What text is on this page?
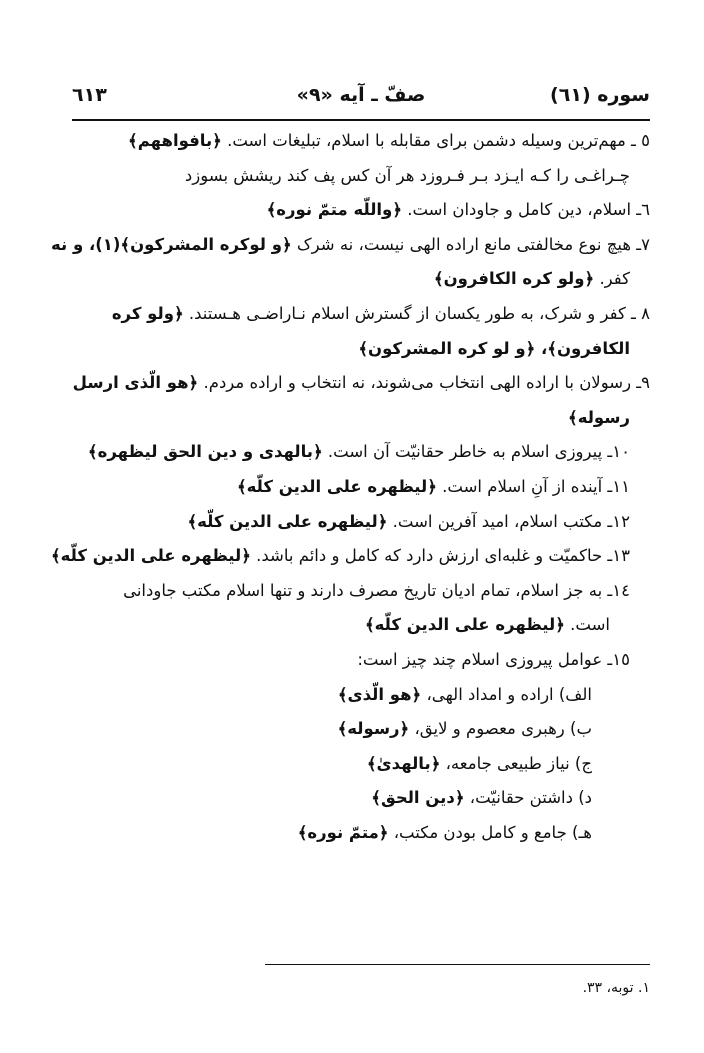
سوره (٦١)
صفّ ـ آيه «٩»
٦١٣
٥ ـ مهم‌ترین وسیله دشمن برای مقابله با اسلام، تبلیغات است. ﴿بافواههم﴾
چـراغـی را کـه ایـزد بـر فـروزد هر آن کس پف کند ریشش بسوزد
٦ـ اسلام، دین کامل و جاودان است. ﴿واللّه متمّ نوره﴾
٧ـ هیچ نوع مخالفتی مانع اراده الهی نیست، نه شرک ﴿و لوکره المشرکون﴾(١)، و نه
کفر. ﴿ولو کره الکافرون﴾
٨ ـ کفر و شرک، به طور یکسان از گسترش اسلام نـاراضـی هـستند. ﴿ولو کره
الکافرون﴾، ﴿و لو کره المشرکون﴾
٩ـ رسولان با اراده الهی انتخاب می‌شوند، نه انتخاب و اراده مردم. ﴿هو الّذی ارسل
رسوله﴾
١٠ـ پیروزی اسلام به خاطر حقانیّت آن است. ﴿بالهدی و دین الحق لیظهره﴾
١١ـ آینده از آنِ اسلام است. ﴿لیظهره علی الدین کلّه﴾
١٢ـ مکتب اسلام، امید آفرین است. ﴿لیظهره علی الدین کلّه﴾
١٣ـ حاکمیّت و غلبه‌ای ارزش دارد که کامل و دائم باشد. ﴿لیظهره علی الدین کلّه﴾
١٤ـ به جز اسلام، تمام ادیان تاریخ مصرف دارند و تنها اسلام مکتب جاودانی
است. ﴿لیظهره علی الدین کلّه﴾
١٥ـ عوامل پیروزی اسلام چند چیز است:
الف) اراده و امداد الهی، ﴿هو الّذی﴾
ب) رهبری معصوم و لایق، ﴿رسوله﴾
ج) نیاز طبیعی جامعه، ﴿بالهدیٰ﴾
د) داشتن حقانیّت، ﴿دین الحق﴾
هـ) جامع و کامل بودن مکتب، ﴿متمّ نوره﴾
١. توبه، ٣٣.
